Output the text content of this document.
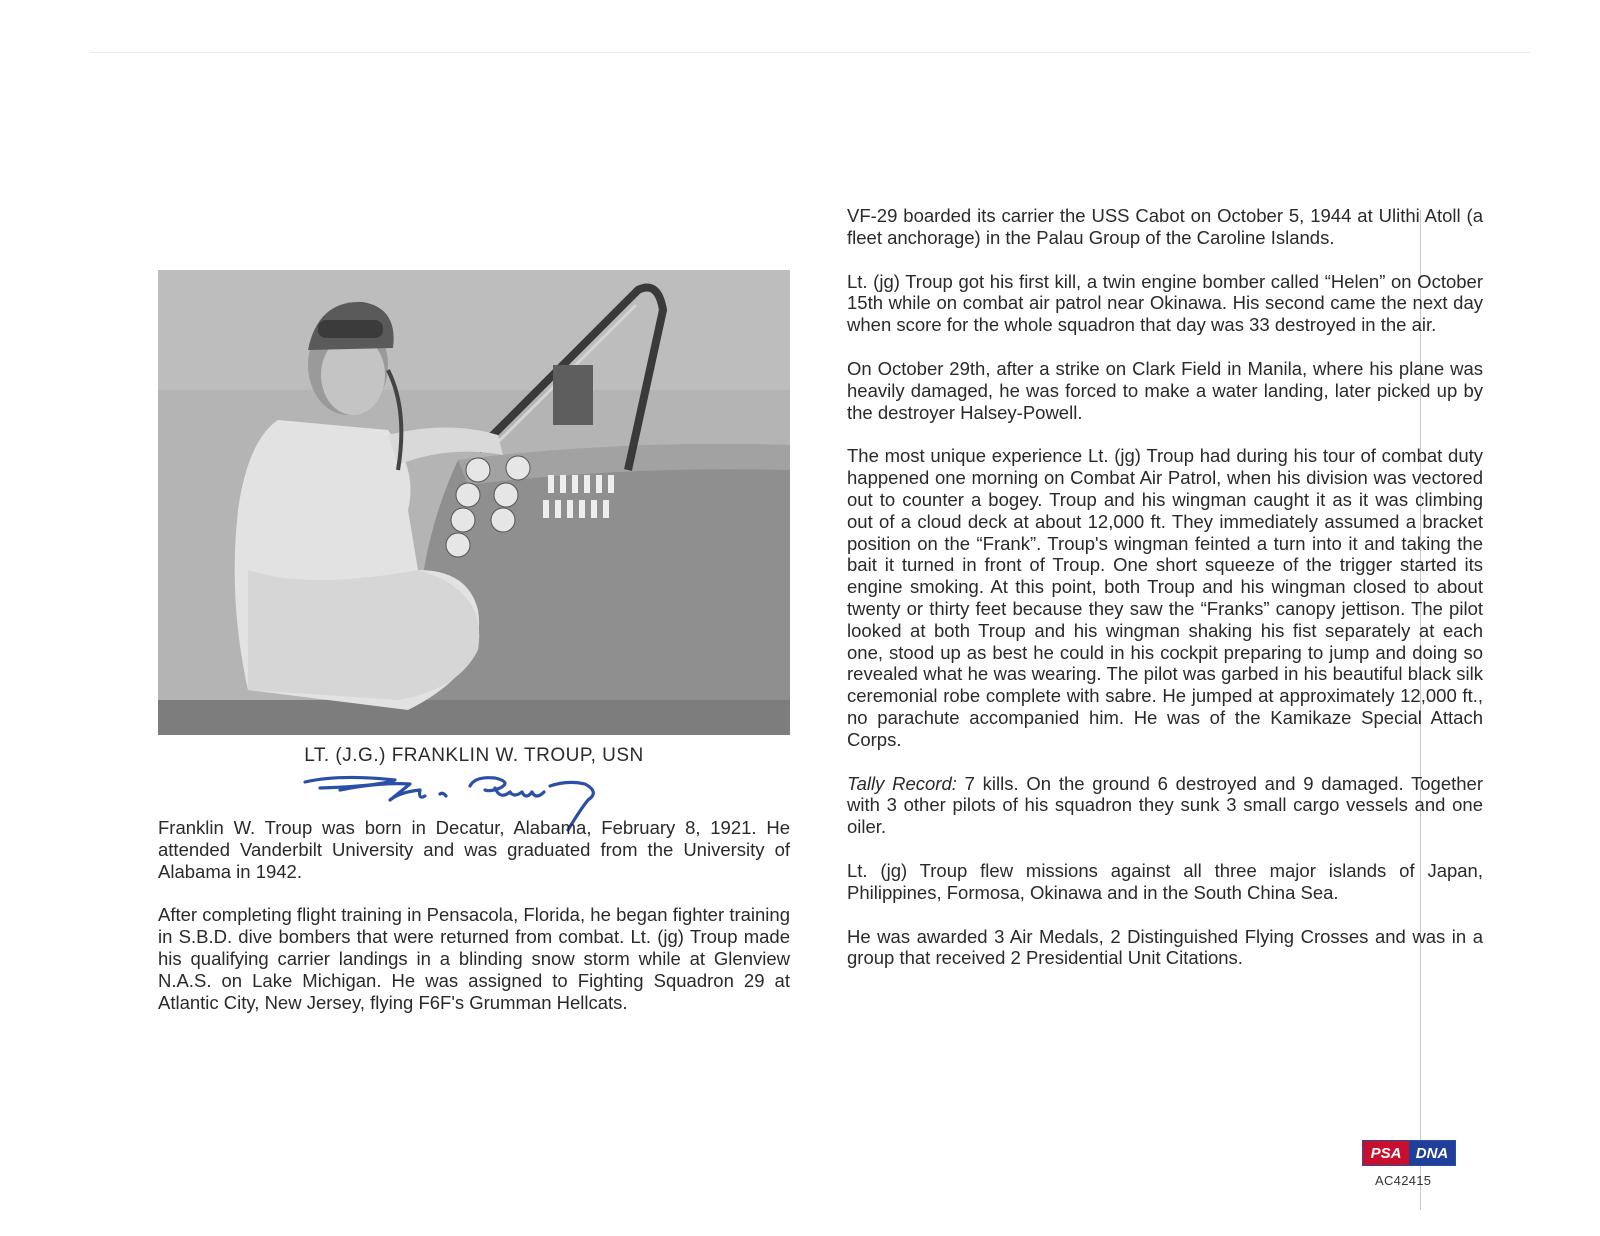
LT. (J.G.) FRANKLIN W. TROUP, USN

Franklin W. Troup was born in Decatur, Alabama, February 8, 1921. He attended Vanderbilt University and was graduated from the University of Alabama in 1942.

After completing flight training in Pensacola, Florida, he began fighter training in S.B.D. dive bombers that were returned from combat. Lt. (jg) Troup made his qualifying carrier landings in a blinding snow storm while at Glenview N.A.S. on Lake Michigan. He was assigned to Fighting Squadron 29 at Atlantic City, New Jersey, flying F6F's Grumman Hellcats.

VF-29 boarded its carrier the USS Cabot on October 5, 1944 at Ulithi Atoll (a fleet anchorage) in the Palau Group of the Caroline Islands.

Lt. (jg) Troup got his first kill, a twin engine bomber called “Helen” on October 15th while on combat air patrol near Okinawa. His second came the next day when score for the whole squadron that day was 33 destroyed in the air.

On October 29th, after a strike on Clark Field in Manila, where his plane was heavily damaged, he was forced to make a water landing, later picked up by the destroyer Halsey-Powell.

The most unique experience Lt. (jg) Troup had during his tour of combat duty happened one morning on Combat Air Patrol, when his division was vectored out to counter a bogey. Troup and his wingman caught it as it was climbing out of a cloud deck at about 12,000 ft. They immediately assumed a bracket position on the “Frank”. Troup's wingman feinted a turn into it and taking the bait it turned in front of Troup. One short squeeze of the trigger started its engine smoking. At this point, both Troup and his wingman closed to about twenty or thirty feet because they saw the “Franks” canopy jettison. The pilot looked at both Troup and his wingman shaking his fist separately at each one, stood up as best he could in his cockpit preparing to jump and doing so revealed what he was wearing. The pilot was garbed in his beautiful black silk ceremonial robe complete with sabre. He jumped at approximately 12,000 ft., no parachute accompanied him. He was of the Kamikaze Special Attach Corps.

Tally Record: 7 kills. On the ground 6 destroyed and 9 damaged. Together with 3 other pilots of his squadron they sunk 3 small cargo vessels and one oiler.

Lt. (jg) Troup flew missions against all three major islands of Japan, Philippines, Formosa, Okinawa and in the South China Sea.

He was awarded 3 Air Medals, 2 Distinguished Flying Crosses and was in a group that received 2 Presidential Unit Citations.

PSA DNA
AC42415
